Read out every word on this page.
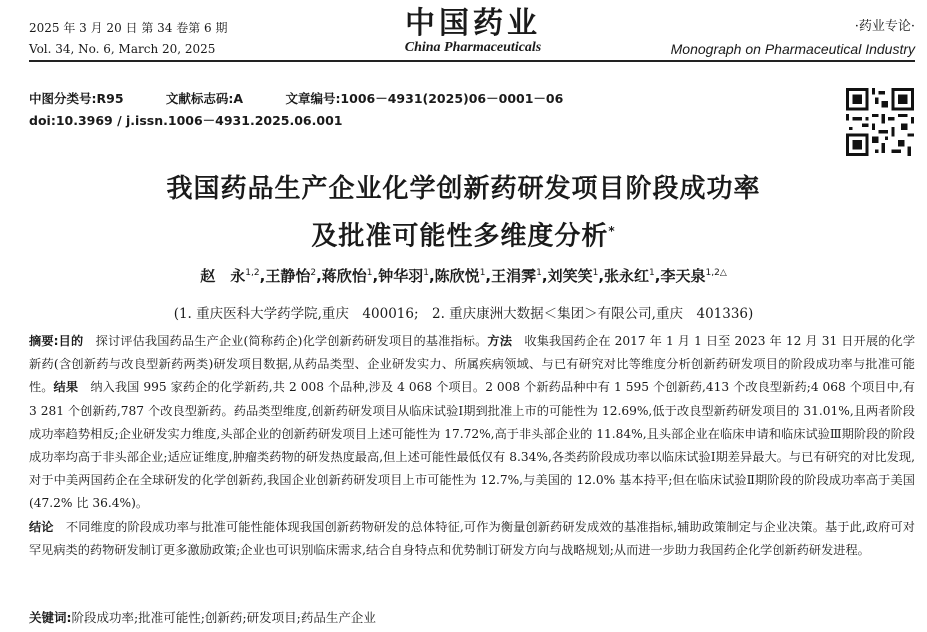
2025 年 3 月 20 日 第 34 卷第 6 期
Vol. 34, No. 6, March 20, 2025
中国药业
China Pharmaceuticals
·药业专论·
Monograph on Pharmaceutical Industry
中图分类号:R95	文献标志码:A	文章编号:1006－4931(2025)06－0001－06
doi:10.3969 / j.issn.1006－4931.2025.06.001
我国药品生产企业化学创新药研发项目阶段成功率
及批准可能性多维度分析*
赵　永$^{1,2}$,王静怡$^2$,蒋欣怡$^1$,钟华羽$^1$,陈欣悦$^1$,王涓霁$^1$,刘笑笑$^1$,张永红$^1$,李天泉$^{1,2\triangle}$
(1. 重庆医科大学药学院,重庆　400016;　2. 重庆康洲大数据＜集团＞有限公司,重庆　401336)
摘要:目的　探讨评估我国药品生产企业(简称药企)化学创新药研发项目的基准指标。方法　收集我国药企在 2017 年 1 月 1 日至 2023 年 12 月 31 日开展的化学新药(含创新药与改良型新药两类)研发项目数据,从药品类型、企业研发实力、所属疾病领域、与已有研究对比等维度分析创新药研发项目的阶段成功率与批准可能性。结果　纳入我国 995 家药企的化学新药,共 2 008 个品种,涉及 4 068 个项目。2 008 个新药品种中有 1 595 个创新药,413 个改良型新药;4 068 个项目中,有 3 281 个创新药,787 个改良型新药。药品类型维度,创新药研发项目从临床试验Ⅰ期到批准上市的可能性为 12.69%,低于改良型新药研发项目的 31.01%,且两者阶段成功率趋势相反;企业研发实力维度,头部企业的创新药研发项目上述可能性为 17.72%,高于非头部企业的 11.84%,且头部企业在临床申请和临床试验Ⅲ期阶段的阶段成功率均高于非头部企业;适应证维度,肿瘤类药物的研发热度最高,但上述可能性最低仅有 8.34%,各类药阶段成功率以临床试验Ⅰ期差异最大。与已有研究的对比发现,对于中美两国药企在全球研发的化学创新药,我国企业创新药研发项目上市可能性为 12.7%,与美国的 12.0% 基本持平;但在临床试验Ⅱ期阶段的阶段成功率高于美国(47.2% 比 36.4%)。
结论　不同维度的阶段成功率与批准可能性能体现我国创新药物研发的总体特征,可作为衡量创新药研发成效的基准指标,辅助政策制定与企业决策。基于此,政府可对罕见病类的药物研发制订更多激励政策;企业也可识别临床需求,结合自身特点和优势制订研发方向与战略规划;从而进一步助力我国药企化学创新药研发进程。
关键词:阶段成功率;批准可能性;创新药;研发项目;药品生产企业
